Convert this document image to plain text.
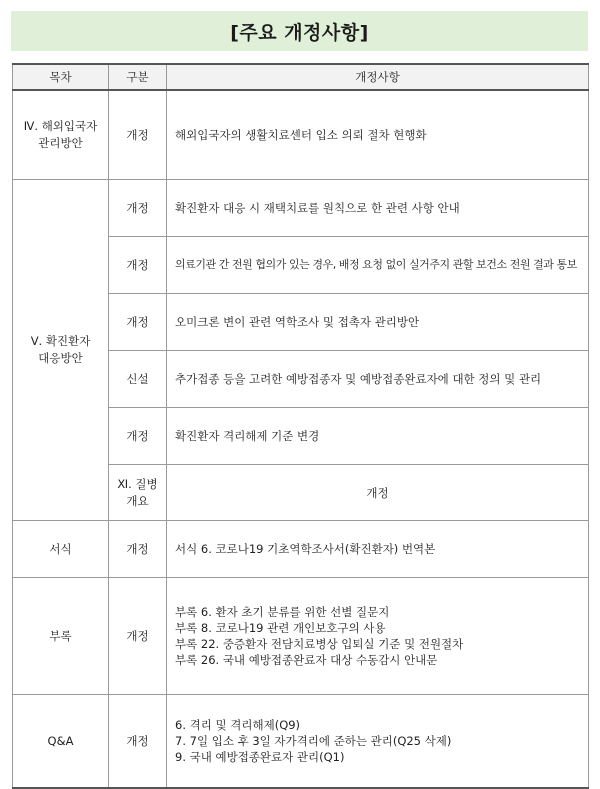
[주요 개정사항]
목차	구분	개정사항	

Ⅳ. 해외입국자
관리방안	개정	해외입국자의 생활치료센터 입소 의뢰 절차 현행화	

Ⅴ. 확진환자
대응방안	개정	확진환자 대응 시 재택치료를 원칙으로 한 관련 사항 안내	

	개정	의료기관 간 전원 협의가 있는 경우, 배정 요청 없이 실거주지 관할 보건소 전원 결과 통보	

	개정	오미크론 변이 관련 역학조사 및 접촉자 관리방안	

	신설	추가접종 등을 고려한 예방접종자 및 예방접종완료자에 대한 정의 및 관리	

	개정	확진환자 격리해제 기준 변경	

	Ⅺ. 질병개요	개정	

서식	개정	서식 6. 코로나19 기초역학조사서(확진환자) 번역본	

부록	개정	부록 6. 환자 초기 분류를 위한 선별 질문지
부록 8. 코로나19 관련 개인보호구의 사용
부록 22. 중증환자 전담치료병상 입퇴실 기준 및 전원절차
부록 26. 국내 예방접종완료자 대상 수동감시 안내문	

Q&A	개정	6. 격리 및 격리해제(Q9)
7. 7일 입소 후 3일 자가격리에 준하는 관리(Q25 삭제)
9. 국내 예방접종완료자 관리(Q1)	
